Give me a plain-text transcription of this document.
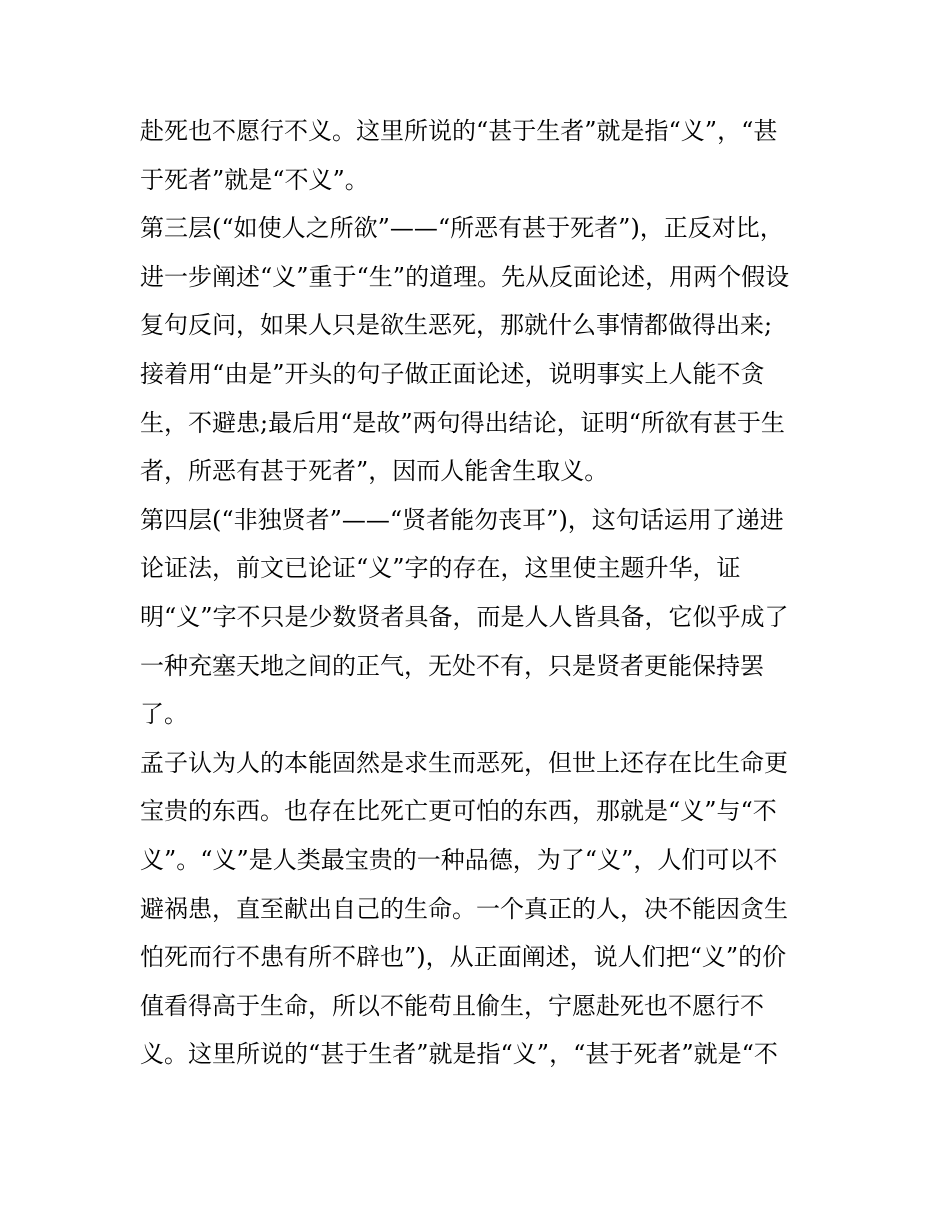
赴死也不愿行不义。这里所说的“甚于生者”就是指“义”，“甚
于死者”就是“不义”。
第三层(“如使人之所欲”——“所恶有甚于死者”)，正反对比，
进一步阐述“义”重于“生”的道理。先从反面论述，用两个假设
复句反问，如果人只是欲生恶死，那就什么事情都做得出来;
接着用“由是”开头的句子做正面论述，说明事实上人能不贪
生，不避患;最后用“是故”两句得出结论，证明“所欲有甚于生
者，所恶有甚于死者”，因而人能舍生取义。
第四层(“非独贤者”——“贤者能勿丧耳”)，这句话运用了递进
论证法，前文已论证“义”字的存在，这里使主题升华，证
明“义”字不只是少数贤者具备，而是人人皆具备，它似乎成了
一种充塞天地之间的正气，无处不有，只是贤者更能保持罢
了。
孟子认为人的本能固然是求生而恶死，但世上还存在比生命更
宝贵的东西。也存在比死亡更可怕的东西，那就是“义”与“不
义”。“义”是人类最宝贵的一种品德，为了“义”，人们可以不
避祸患，直至献出自己的生命。一个真正的人，决不能因贪生
怕死而行不患有所不辟也”)，从正面阐述，说人们把“义”的价
值看得高于生命，所以不能苟且偷生，宁愿赴死也不愿行不
义。这里所说的“甚于生者”就是指“义”，“甚于死者”就是“不
